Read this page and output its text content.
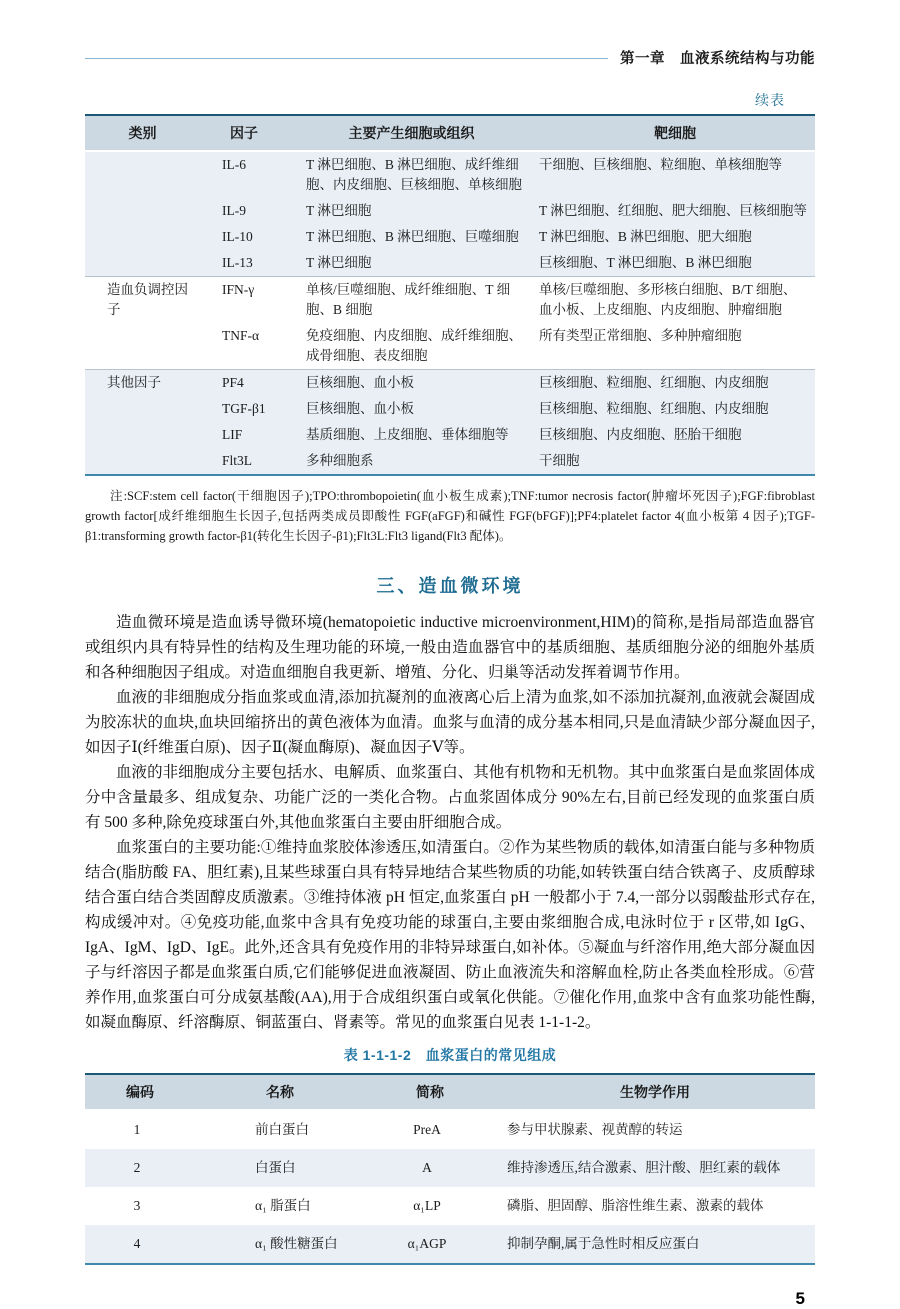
第一章　血液系统结构与功能
续表
类别	因子	主要产生细胞或组织	靶细胞
	IL-6	T 淋巴细胞、B 淋巴细胞、成纤维细胞、内皮细胞、巨核细胞、单核细胞	干细胞、巨核细胞、粒细胞、单核细胞等
	IL-9	T 淋巴细胞	T 淋巴细胞、红细胞、肥大细胞、巨核细胞等
	IL-10	T 淋巴细胞、B 淋巴细胞、巨噬细胞	T 淋巴细胞、B 淋巴细胞、肥大细胞
	IL-13	T 淋巴细胞	巨核细胞、T 淋巴细胞、B 淋巴细胞
造血负调控因子	IFN-γ	单核/巨噬细胞、成纤维细胞、T 细胞、B 细胞	单核/巨噬细胞、多形核白细胞、B/T 细胞、血小板、上皮细胞、内皮细胞、肿瘤细胞
	TNF-α	免疫细胞、内皮细胞、成纤维细胞、成骨细胞、表皮细胞	所有类型正常细胞、多种肿瘤细胞
其他因子	PF4	巨核细胞、血小板	巨核细胞、粒细胞、红细胞、内皮细胞
	TGF-β1	巨核细胞、血小板	巨核细胞、粒细胞、红细胞、内皮细胞
	LIF	基质细胞、上皮细胞、垂体细胞等	巨核细胞、内皮细胞、胚胎干细胞
	Flt3L	多种细胞系	干细胞
注:SCF:stem cell factor(干细胞因子);TPO:thrombopoietin(血小板生成素);TNF:tumor necrosis factor(肿瘤坏死因子);FGF:fibroblast growth factor[成纤维细胞生长因子,包括两类成员即酸性 FGF(aFGF)和碱性 FGF(bFGF)];PF4:platelet factor 4(血小板第 4 因子);TGF-β1:transforming growth factor-β1(转化生长因子-β1);Flt3L:Flt3 ligand(Flt3 配体)。
三、造血微环境

造血微环境是造血诱导微环境(hematopoietic inductive microenvironment,HIM)的简称,是指局部造血器官或组织内具有特异性的结构及生理功能的环境,一般由造血器官中的基质细胞、基质细胞分泌的细胞外基质和各种细胞因子组成。对造血细胞自我更新、增殖、分化、归巢等活动发挥着调节作用。

血液的非细胞成分指血浆或血清,添加抗凝剂的血液离心后上清为血浆,如不添加抗凝剂,血液就会凝固成为胶冻状的血块,血块回缩挤出的黄色液体为血清。血浆与血清的成分基本相同,只是血清缺少部分凝血因子,如因子Ⅰ(纤维蛋白原)、因子Ⅱ(凝血酶原)、凝血因子Ⅴ等。

血液的非细胞成分主要包括水、电解质、血浆蛋白、其他有机物和无机物。其中血浆蛋白是血浆固体成分中含量最多、组成复杂、功能广泛的一类化合物。占血浆固体成分 90%左右,目前已经发现的血浆蛋白质有 500 多种,除免疫球蛋白外,其他血浆蛋白主要由肝细胞合成。

血浆蛋白的主要功能:①维持血浆胶体渗透压,如清蛋白。②作为某些物质的载体,如清蛋白能与多种物质结合(脂肪酸 FA、胆红素),且某些球蛋白具有特异地结合某些物质的功能,如转铁蛋白结合铁离子、皮质醇球结合蛋白结合类固醇皮质激素。③维持体液 pH 恒定,血浆蛋白 pH 一般都小于 7.4,一部分以弱酸盐形式存在,构成缓冲对。④免疫功能,血浆中含具有免疫功能的球蛋白,主要由浆细胞合成,电泳时位于 r 区带,如 IgG、IgA、IgM、IgD、IgE。此外,还含具有免疫作用的非特异球蛋白,如补体。⑤凝血与纤溶作用,绝大部分凝血因子与纤溶因子都是血浆蛋白质,它们能够促进血液凝固、防止血液流失和溶解血栓,防止各类血栓形成。⑥营养作用,血浆蛋白可分成氨基酸(AA),用于合成组织蛋白或氧化供能。⑦催化作用,血浆中含有血浆功能性酶,如凝血酶原、纤溶酶原、铜蓝蛋白、肾素等。常见的血浆蛋白见表 1-1-1-2。

表 1-1-1-2　血浆蛋白的常见组成
编码	名称	简称	生物学作用
1	前白蛋白	PreA	参与甲状腺素、视黄醇的转运
2	白蛋白	A	维持渗透压,结合激素、胆汁酸、胆红素的载体
3	α₁ 脂蛋白	α₁LP	磷脂、胆固醇、脂溶性维生素、激素的载体
4	α₁ 酸性糖蛋白	α₁AGP	抑制孕酮,属于急性时相反应蛋白
5
